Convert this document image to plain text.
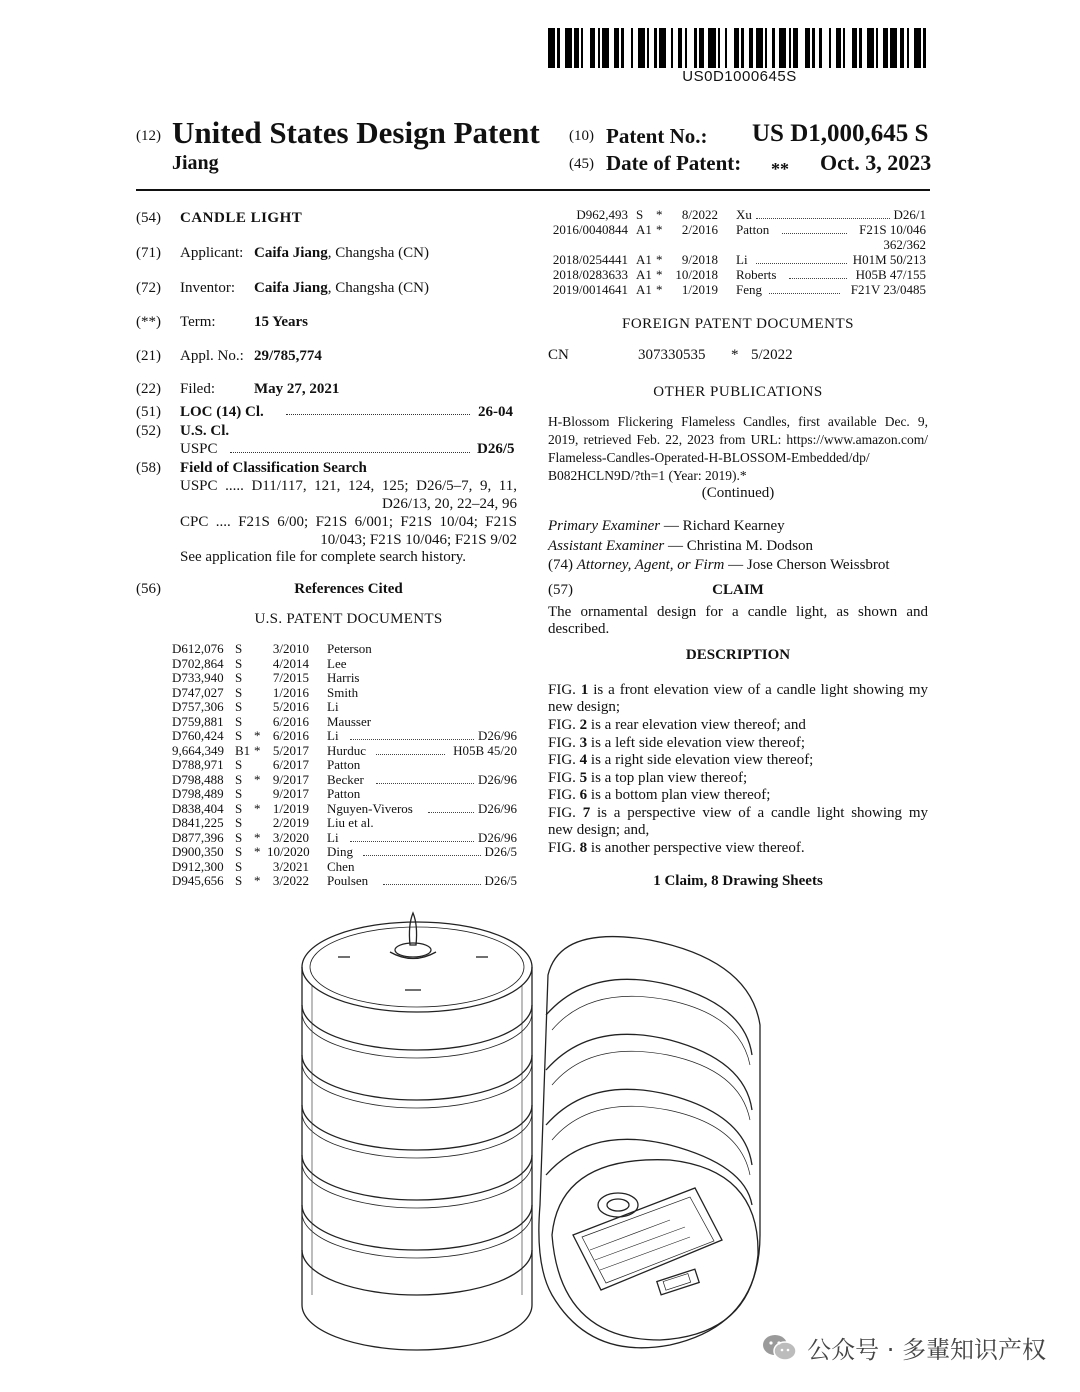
US0D1000645S
(12) United States Design Patent
Jiang
(10) Patent No.: US D1,000,645 S
(45) Date of Patent: ** Oct. 3, 2023
(54) CANDLE LIGHT
(71) Applicant: Caifa Jiang, Changsha (CN)
(72) Inventor: Caifa Jiang, Changsha (CN)
(**) Term:	15 Years
(21) Appl. No.: 29/785,774
(22) Filed:	May 27, 2021
(51) LOC (14) Cl.	26-04
(52) U.S. Cl.
USPC	D26/5
(58) Field of Classification Search
USPC ..... D11/117, 121, 124, 125; D26/5–7, 9, 11,
D26/13, 20, 22–24, 96
CPC .... F21S 6/00; F21S 6/001; F21S 10/04; F21S
10/043; F21S 10/046; F21S 9/02
See application file for complete search history.
(56)	References Cited
U.S. PATENT DOCUMENTS
D612,076 S	3/2010 Peterson
D702,864 S	4/2014 Lee
D733,940 S	7/2015 Harris
D747,027 S	1/2016 Smith
D757,306 S	5/2016 Li
D759,881 S	6/2016 Mausser
D760,424 S * 6/2016 Li	D26/96
9,664,349 B1 * 5/2017 Hurduc	H05B 45/20
D788,971 S	6/2017 Patton
D798,488 S * 9/2017 Becker	D26/96
D798,489 S	9/2017 Patton
D838,404 S * 1/2019 Nguyen-Viveros	D26/96
D841,225 S	2/2019 Liu et al.
D877,396 S * 3/2020 Li	D26/96
D900,350 S * 10/2020 Ding	D26/5
D912,300 S	3/2021 Chen
D945,656 S * 3/2022 Poulsen	D26/5
D962,493 S *	8/2022 Xu	D26/1
2016/0040844 A1 *	2/2016 Patton	F21S 10/046
362/362
2018/0254441 A1 *	9/2018 Li	H01M 50/213
2018/0283633 A1 * 10/2018 Roberts	H05B 47/155
2019/0014641 A1 *	1/2019 Feng	F21V 23/0485
FOREIGN PATENT DOCUMENTS
CN	307330535 * 5/2022
OTHER PUBLICATIONS
H-Blossom Flickering Flameless Candles, first available Dec. 9,
2019, retrieved Feb. 22, 2023 from URL: https://www.amazon.com/
Flameless-Candles-Operated-H-BLOSSOM-Embedded/dp/
B082HCLN9D/?th=1 (Year: 2019).*
(Continued)
Primary Examiner — Richard Kearney
Assistant Examiner — Christina M. Dodson
(74) Attorney, Agent, or Firm — Jose Cherson Weissbrot
(57)	CLAIM
The ornamental design for a candle light, as shown and
described.
DESCRIPTION
FIG. 1 is a front elevation view of a candle light showing my
new design;
FIG. 2 is a rear elevation view thereof; and
FIG. 3 is a left side elevation view thereof;
FIG. 4 is a right side elevation view thereof;
FIG. 5 is a top plan view thereof;
FIG. 6 is a bottom plan view thereof;
FIG. 7 is a perspective view of a candle light showing my
new design; and,
FIG. 8 is another perspective view thereof.
1 Claim, 8 Drawing Sheets
公众号 · 多輩知识产权
